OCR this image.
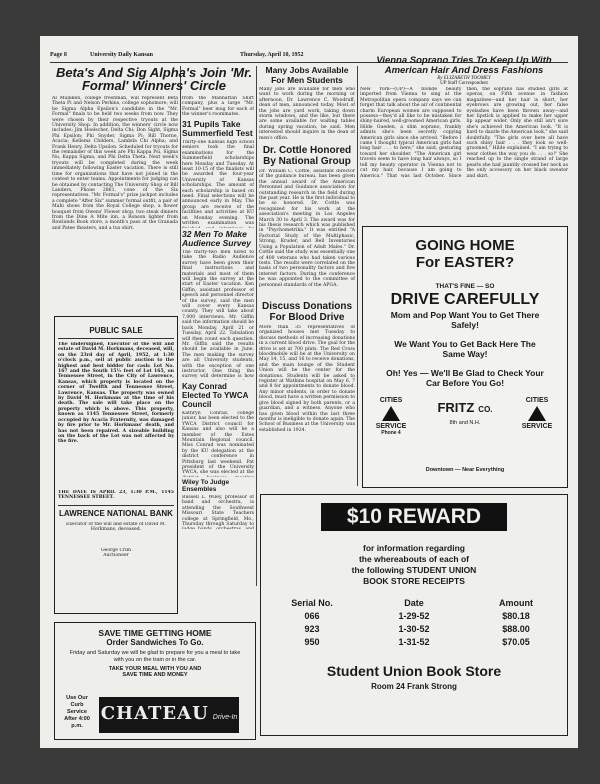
Page 8	University Daily Kansan	Thursday, April 10, 1952
Beta's And Sig Alpha's Join 'Mr. Formal' Winners' Circle
Al Mulliken, college freshman, will represent Beta Theta Pi and Nelson Perkins, college sophomore, will be Sigma Alpha Epsilon's candidate in the "Mr. Formal" finals to be held two weeks from now. They were chosen by their respective tryouts at the University Shop. In addition, the winners' circle now includes: Jim Hoelscher, Delta Chi; Don Sight, Sigma Phi Epsilon; Phi Snyder, Sigma Pi; Bill Thorne, Acacia; Kellems Childers, Lambda Chi Alpha; and Frank Henry, Delta Upsilon. Scheduled for tryouts for the remainder of this week are Phi Kappa Psi, Sigma Nu, Kappa Sigma, and Phi Delta Theta. Next week's tryouts will be completed during the week immediately following Easter vacation. There is still time for organizations that have not joined in the contest to enter teams. Appointments for judging can be obtained by contacting The University Shop or Bill Landers, Phone 2861, cone of the Six representatives. "Mr. Formal's" prize jackpot includes a complete "After Six" summer formal outfit, a pair of Mahi shoes from the Royal College shop, a flower bouquet from Owens' Flower shop, two steak dinners from the Dine A Mite inn, a Ronson lighter from Rowlands Book store, a month's pass at the Granada and Patee theaters, and a tux shirt.
from the Manhattan Shirt company, plus a large "Mr. Formal" beer mug for each of the winner's roommates.
31 Pupils Take Summerfield Test
Thirty-one Kansas high school seniors took the final examinations for the Summerfield scholarships here Monday and Tuesday. At least 10-15 of the finalists will be awarded the four-year University of Kansas scholarships. The amount of each scholarship is based on need. Final selections will be announced early in May. The group are receive of the facilities and activities at KU on Monday evening. The written examination was
32 Men To Make Audience Survey
The thirty-two men hired to take the Radio Audience survey have been given their final instructions and materials and most of them will begin the survey at the start of Easter vacation. Ken Giffin, assistant professor of speech and personnel director of the survey, said the men will cover every Kansas county. They will take about 7,000 interviews. Mr. Giffin said the information should be back Monday, April 21 or Tuesday, April 22. Tabulation will then count each question. Mr. Giffin said the results should be available in June. The men making the survey are all University students, with the exception of one instructor. One thing the survey will determine is how
Kay Conrad Elected To YWCA Council
Kathryn Conrad, college junior, has been elected to the YWCA District council for Kansas and also will be a member of the Estes Mountain Regional council. Miss Conrad was nominated by the KU delegation at the district conference in Pittsburg last weekend. Pat president of the University YWCA, she was elected at the
Wiley To Judge Ensembles
Russell L. Wiley, professor of band and orchestra, is attending the Southwest Missouri State Teachers college at Springfield, Mo., Thursday through Saturday to
Many Jobs Available For Men Students
Many jobs are available for men who want to work during the morning or afternoon, Dr. Lawrence C. Woodruff, dean of men, announced today. Most of the jobs are yard work, taking down storm windows, and the like, but there are some available for waiting tables during spring vacation, he said. Men interested should inquire in the dean of men's office.
Dr. Cottle Honored By National Group
Dr. William C. Cottle, assistant director of the guidance bureau, has been given the annual award of the American Personnel and Guidance association for outstanding research in the field during the past year. He is the first individual to be so honored. Dr. Cottle was recognized for his work at the association's meeting in Los Angeles March 30 to April 3. The award was for his thesis research which was published in "Psychometrika." It was entitled "A Factorial Study of the Multiphasic, Strong, Kruder, and Bell Inventories Using a Population of Adult Males." Dr. Cottle said the study was essentially one of 400 veterans who had taken various tests. The results were correlated on the basis of two personality factors and five interest factors. During the conference he was appointed to the committee of personnel standards of the APGA.
Discuss Donations For Blood Drive
More than 35 representatives of organized houses met Tuesday to discuss methods of increasing donations in a current blood drive. The goal for the drive is set at 700 pints. The Red Cross bloodmobile will be at the University on May 14, 15, and 16 to receive donations, and the main lounge of the Student Union will be the center for the donations. Students will be asked to register at Watkins hospital on May 6, 7 and 8 for appointments to donate blood. Any minor students, in order to donate blood, must have a written permission to give blood signed by both parents, or a guardian, and a witness. Anyone who has given blood within the last three months is ineligible to donate again. The School of Business at the University was established in 1924.
Vienna Soprano Tries To Keep Up With American Hair And Dress Fashions
By ELIZABETH TOOMEY
UP Staff Correspondent
New York—(UP)—A blonde beauty imported from Vienna to sing at the Metropolitan opera company says we can forget that talk about the air of continental charm European women are supposed to possess—they'd all like to be mistaken for shiny-haired, well-groomed American girls. Hilde Gueden, a slim soprano, frankly admits she's been secretly copying American girls since she arrived. "Before I came I thought typical American girls had long hair . . . to here," she said, gesturing toward her shoulder. "The American girl travels seem to have long hair always, so I tell my beauty operator in Vienna not to cut my hair, because I am going to America." That was last October. Since then, the soprano has studied girls at operas, on Fifth avenue in fashion magazines—and her hair is short, her eyebrows are growing out, her false eyelashes have been thrown away—and her lipstick is applied to make her upper lip appear wider. Only she still isn't sure she's achieved the American look. "It is hard to dazzle the American look," she said doubtfully. "The girls over here all have such shiny hair . . . they look so well-groomed," Hilde explained. "I am trying to wear clothes the way you do . . . so!" She reached up to the single strand of large pearls she had jauntily crossed her neck as the only accessory on her black sweater and skirt.
PUBLIC SALE
The undersigned, Executor of the will and estate of David M. Horkmans, deceased, will, on the 23rd day of April, 1952, at 1:30 o'clock p.m., sell at public auction to the highest and best bidder for cash: Lot No. 167 and the South 15½ feet of Lot 165, on Tennessee Street, in the City of Lawrence, Kansas, which property is located on the corner of Twelfth and Tennessee Street, Lawrence, Kansas. The property was owned by David M. Horkmans at the time of his death. The sale will take place on the property which is above. This property, known as 1145 Tennessee Street, formerly occupied by Acacia Fraternity, was damaged by fire prior to Mr. Horkmans' death, and has not been repaired. A sizeable building on the back of the Lot was not affected by the fire.
THE DATE IS APRIL 23, 1:30 P.M., 1145 TENNESSEE STREET.
LAWRENCE NATIONAL BANK
Executor of the will and estate of David M. Horkmans, deceased.
George Crim
Auctioneer
GOING HOME
For EASTER?
THAT'S FINE — SO
DRIVE CAREFULLY
Mom and Pop Want You to Get There Safely!
We Want You to Get Back Here The Same Way!
Oh! Yes — We'll Be Glad to Check Your Car Before You Go!
CITIES
SERVICE
Phone 4
FRITZ CO.
8th and N.H.
CITIES
SERVICE
Downtown — Near Everything
$10 REWARD
for information regarding
the whereabouts of each of
the following STUDENT UNION
BOOK STORE RECEIPTS
Serial No.	Date	Amount
066	1-29-52	$80.18
923	1-30-52	$88.00
950	1-31-52	$70.05
Student Union Book Store
Room 24 Frank Strong
SAVE TIME GETTING HOME
Order Sandwiches To Go.
Friday and Saturday we will be glad to prepare for you a meal to take with you on the train or in the car.
TAKE YOUR MEAL WITH YOU AND
SAVE TIME AND MONEY
Use Our Curb Service After 4:00 p.m.
CHATEAU Drive-In
